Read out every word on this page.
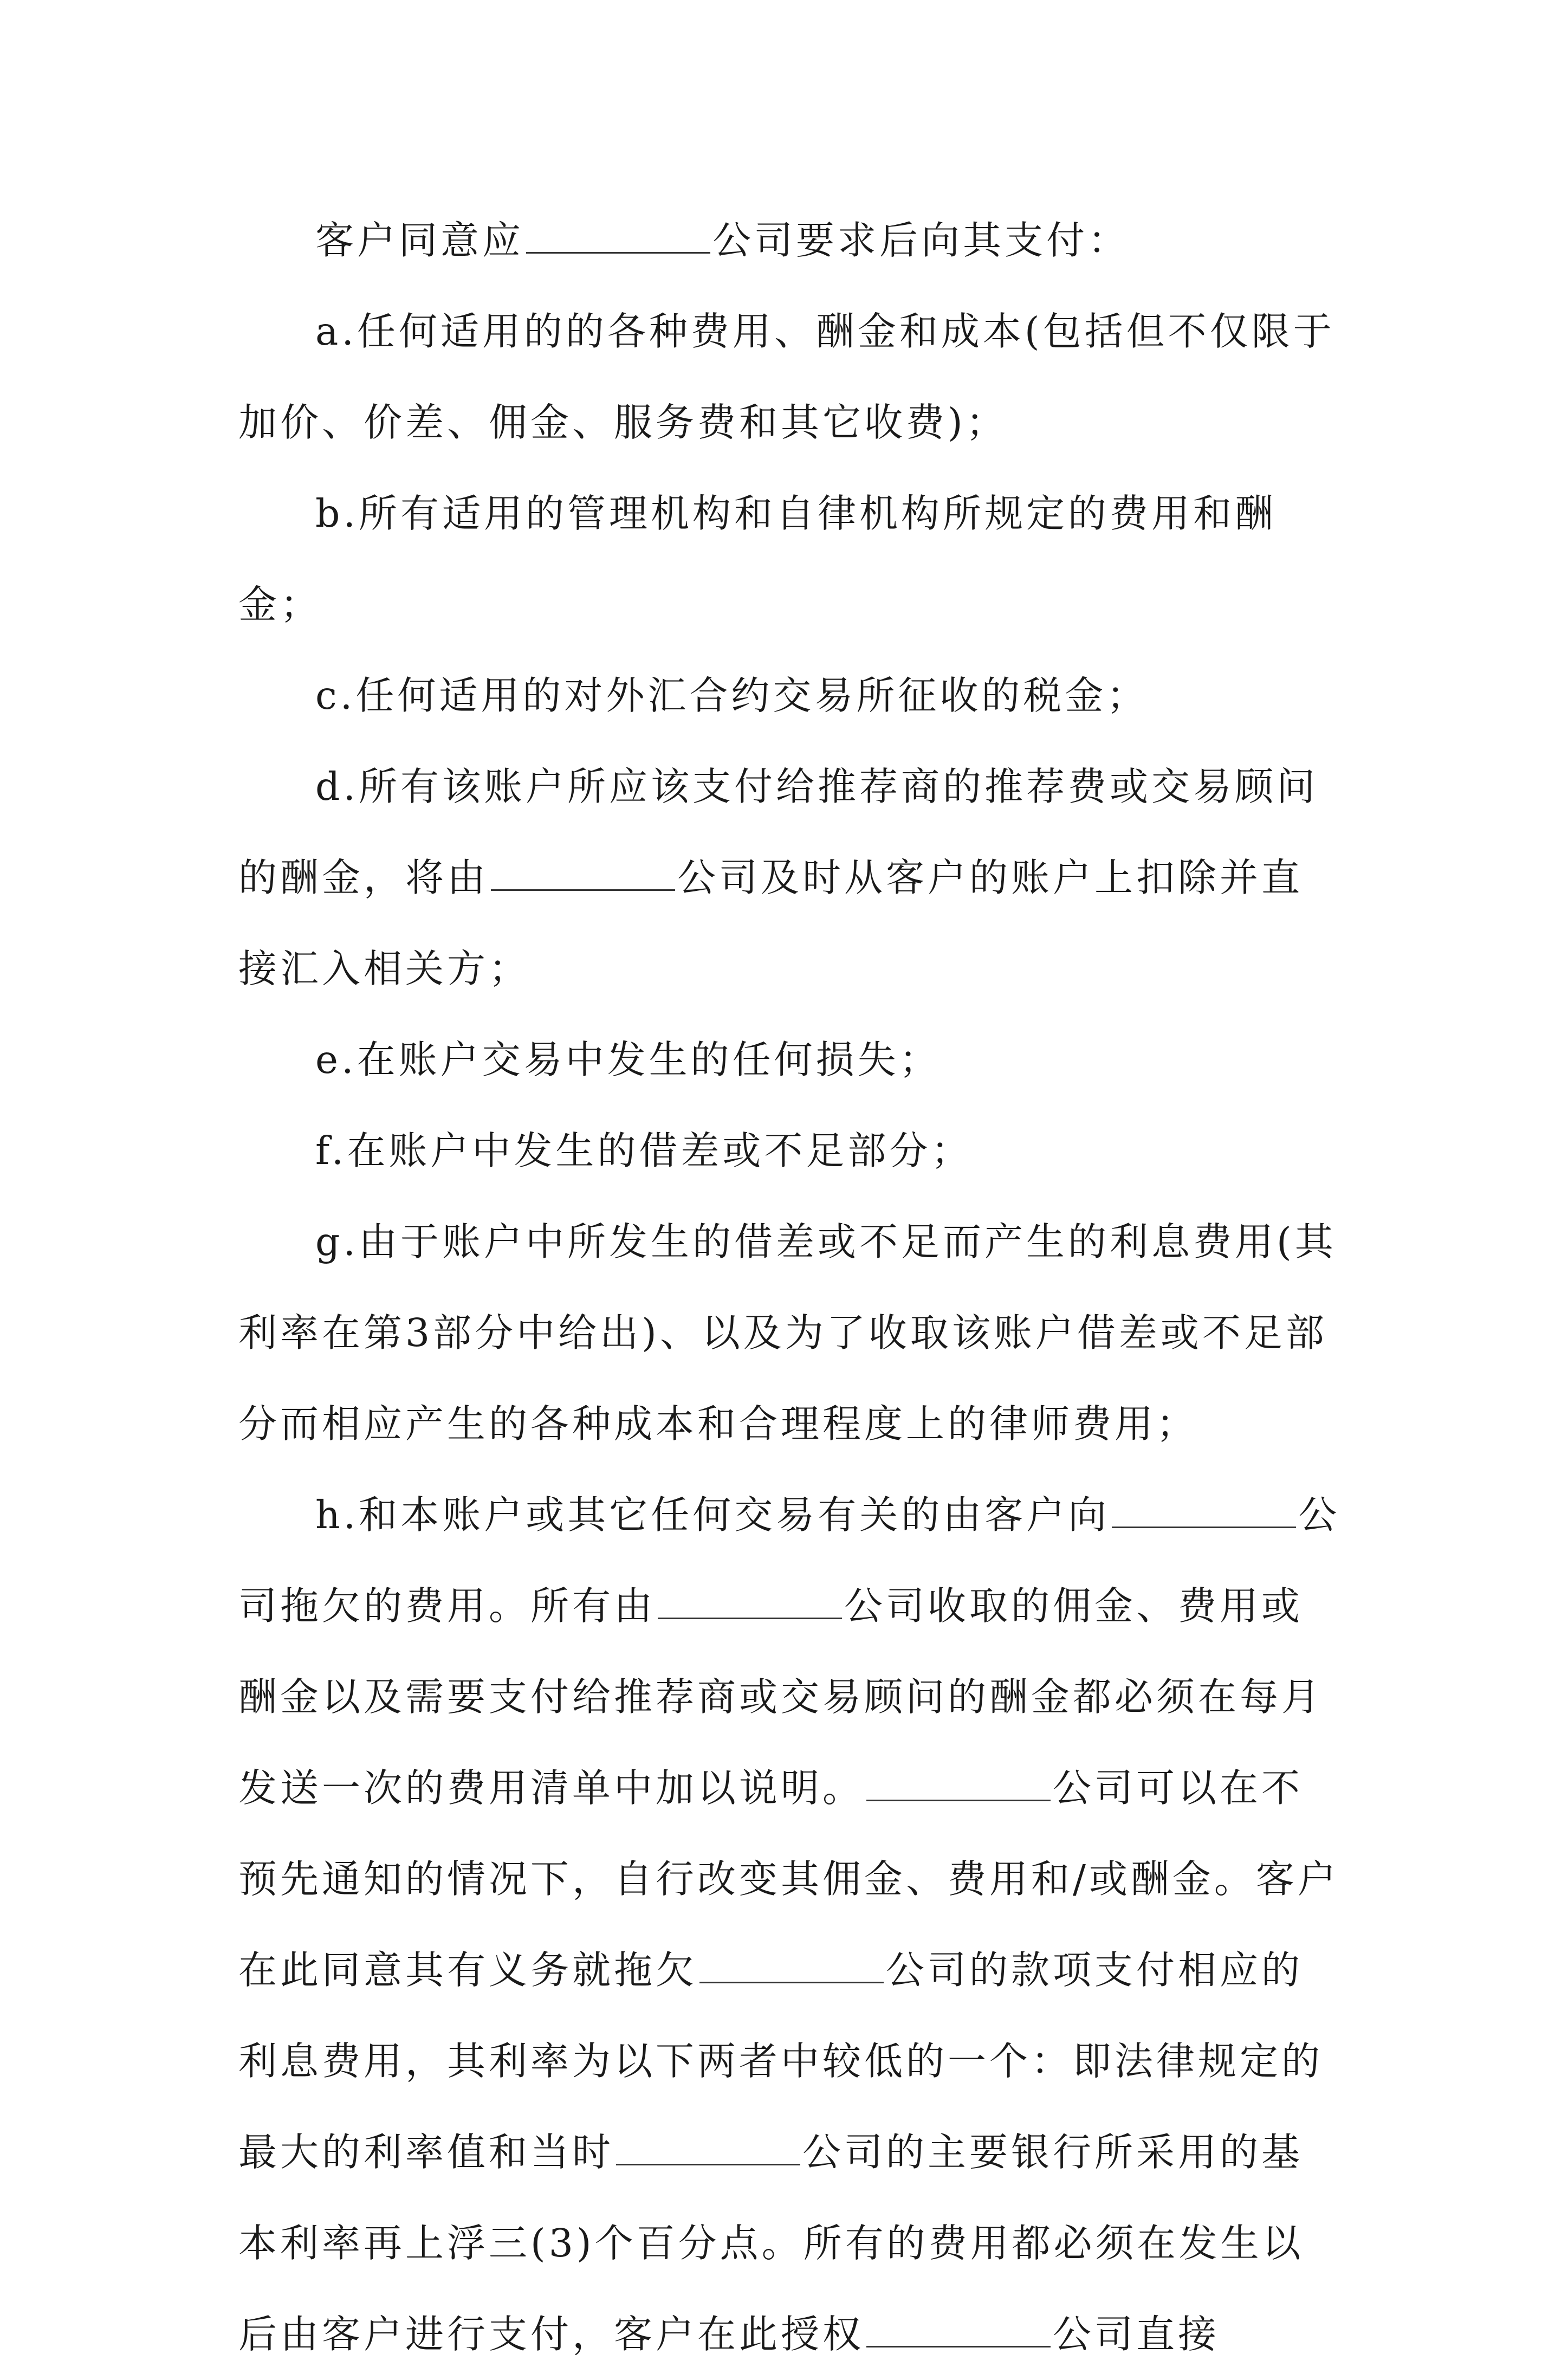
客户同意应	公司要求后向其支付：

a.任何适用的的各种费用、酬金和成本(包括但不仅限于加价、价差、佣金、服务费和其它收费)；

b.所有适用的管理机构和自律机构所规定的费用和酬金；

c.任何适用的对外汇合约交易所征收的税金；

d.所有该账户所应该支付给推荐商的推荐费或交易顾问的酬金，将由	公司及时从客户的账户上扣除并直接汇入相关方；

e.在账户交易中发生的任何损失；

f.在账户中发生的借差或不足部分；

g.由于账户中所发生的借差或不足而产生的利息费用(其利率在第3部分中给出)、以及为了收取该账户借差或不足部分而相应产生的各种成本和合理程度上的律师费用；

h.和本账户或其它任何交易有关的由客户向	公司拖欠的费用。所有由	公司收取的佣金、费用或酬金以及需要支付给推荐商或交易顾问的酬金都必须在每月发送一次的费用清单中加以说明。	公司可以在不预先通知的情况下，自行改变其佣金、费用和/或酬金。客户在此同意其有义务就拖欠	公司的款项支付相应的利息费用，其利率为以下两者中较低的一个：即法律规定的最大的利率值和当时	公司的主要银行所采用的基本利率再上浮三(3)个百分点。所有的费用都必须在发生以后由客户进行支付，客户在此授权	公司直接
